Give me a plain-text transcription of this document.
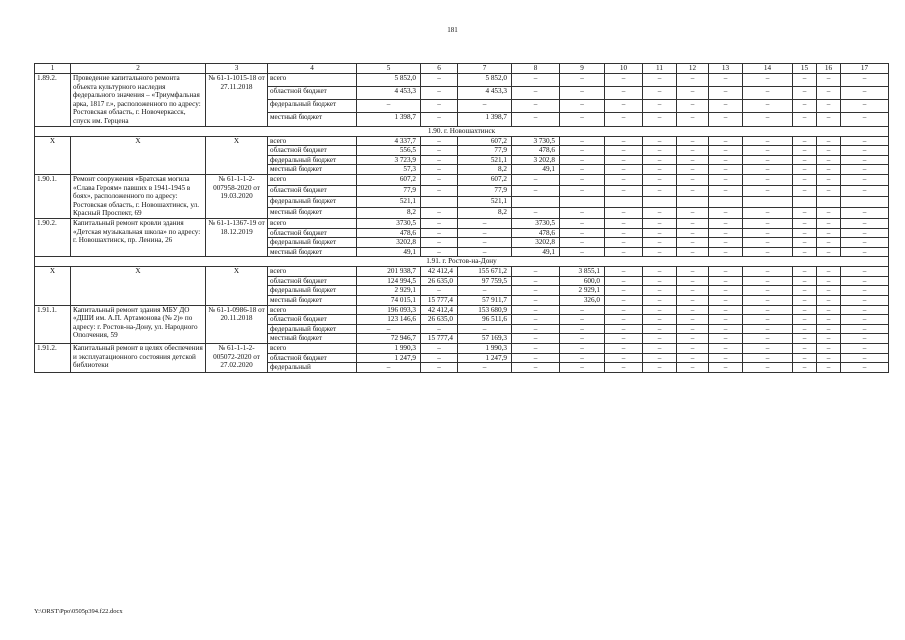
181
1	2	3	4	5	6	7	8	9	10	11	12	13	14	15	16	17
1.89.2.	Проведение капитального ремонта объекта культурного наследия федерального значения – «Триумфальная арка, 1817 г.», расположенного по адресу: Ростовская область, г. Новочеркасск, спуск им. Герцена	№ 61-1-1015-18 от 27.11.2018	всего	5 852,0	–	5 852,0	–	–	–	–	–	–	–	–	–	–
			областной бюджет	4 453,3	–	4 453,3	–	–	–	–	–	–	–	–	–	–
			федеральный бюджет	–	–	–	–	–	–	–	–	–	–	–	–	–
			местный бюджет	1 398,7	–	1 398,7	–	–	–	–	–	–	–	–	–	–
1.90. г. Новошахтинск																
X	X	X	всего	4 337,7	–	607,2	3 730,5	–	–	–	–	–	–	–	–	–
			областной бюджет	556,5	–	77,9	478,6	–	–	–	–	–	–	–	–	–
			федеральный бюджет	3 723,9	–	521,1	3 202,8	–	–	–	–	–	–	–	–	–
			местный бюджет	57,3	–	8,2	49,1	–	–	–	–	–	–	–	–	–
1.90.1.	Ремонт сооружения «Братская могила «Слава Героям» павших в 1941-1945 в боях», расположенного по адресу: Ростовская область, г. Новошахтинск, ул. Красный Проспект, 69	№ 61-1-1-2-007958-2020 от 19.03.2020	всего	607,2	–	607,2	–	–	–	–	–	–	–	–	–	–
			областной бюджет	77,9	–	77,9	–	–	–	–	–	–	–	–	–	–
			федеральный бюджет	521,1		521,1										
			местный бюджет	8,2	–	8,2	–	–	–	–	–	–	–	–	–	–
1.90.2.	Капитальный ремонт кровли здания «Детская музыкальная школа» по адресу: г. Новошахтинск, пр. Ленина, 26	№ 61-1-1367-19 от 18.12.2019	всего	3730,5	–	–	3730,5	–	–	–	–	–	–	–	–	–
			областной бюджет	478,6	–	–	478,6	–	–	–	–	–	–	–	–	–
			федеральный бюджет	3202,8	–	–	3202,8	–	–	–	–	–	–	–	–	–
			местный бюджет	49,1	–	–	49,1	–	–	–	–	–	–	–	–	–
1.91. г. Ростов-на-Дону																
X	X	X	всего	201 938,7	42 412,4	155 671,2	–	3 855,1	–	–	–	–	–	–	–	–
			областной бюджет	124 994,5	26 635,0	97 759,5	–	600,0	–	–	–	–	–	–	–	–
			федеральный бюджет	2 929,1	–	–	–	2 929,1	–	–	–	–	–	–	–	–
			местный бюджет	74 015,1	15 777,4	57 911,7	–	326,0	–	–	–	–	–	–	–	–
1.91.1.	Капитальный ремонт здания МБУ ДО «ДШИ им. А.П. Артамонова (№ 2)» по адресу: г. Ростов-на-Дону, ул. Народного Ополчения, 59	№ 61-1-0986-18 от 20.11.2018	всего	196 093,3	42 412,4	153 680,9	–	–	–	–	–	–	–	–	–	–
			областной бюджет	123 146,6	26 635,0	96 511,6	–	–	–	–	–	–	–	–	–	–
			федеральный бюджет	–	–	–	–	–	–	–	–	–	–	–	–	–
			местный бюджет	72 946,7	15 777,4	57 169,3	–	–	–	–	–	–	–	–	–	–
1.91.2.	Капитальный ремонт в целях обеспечения и эксплуатационного состояния детской библиотеки	№ 61-1-1-2-005072-2020 от 27.02.2020	всего	1 990,3	–	1 990,3	–	–	–	–	–	–	–	–	–	–
			областной бюджет	1 247,9	–	1 247,9	–	–	–	–	–	–	–	–	–	–
			федеральный	–	–	–	–	–	–	–	–	–	–	–	–	–
Y:\ORST\Ppo\0505p394.f22.docx
